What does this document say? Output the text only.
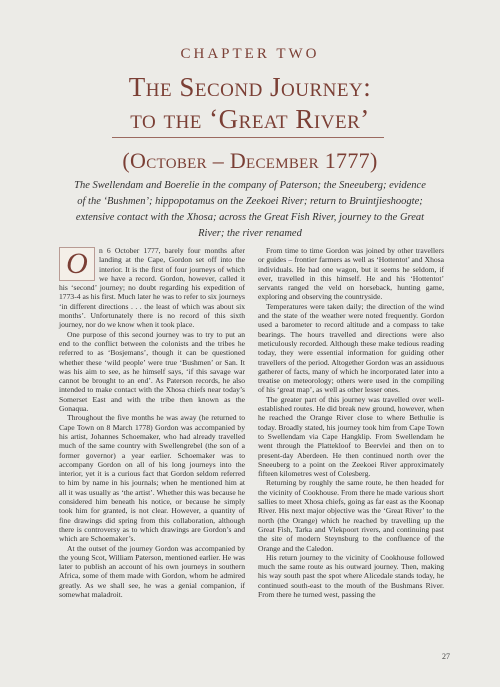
CHAPTER TWO
The Second Journey:
to the ‘Great River’
(October – December 1777)
The Swellendam and Boerelie in the company of Paterson; the Sneeuberg; evidence of the ‘Bushmen’; hippopotamus on the Zeekoei River; return to Bruintjieshoogte; extensive contact with the Xhosa; across the Great Fish River, journey to the Great River; the river renamed

O	n 6 October 1777, barely four months after landing at the Cape, Gordon set off into the interior. It is the first of four journeys of which we have a record. Gordon, however, called it his ‘second’ journey; no doubt regarding his expedition of 1773-4 as his first. Much later he was to refer to six journeys ‘in different directions . . . the least of which was about six months’. Unfortunately there is no record of this sixth journey, nor do we know when it took place.

One purpose of this second journey was to try to put an end to the conflict between the colonists and the tribes he referred to as ‘Bosjemans’, though it can be questioned whether these ‘wild people’ were true ‘Bushmen’ or San. It was his aim to see, as he himself says, ‘if this savage war cannot be brought to an end’. As Paterson records, he also intended to make contact with the Xhosa chiefs near today’s Somerset East and with the tribe then known as the Gonaqua.

Throughout the five months he was away (he returned to Cape Town on 8 March 1778) Gordon was accompanied by his artist, Johannes Schoemaker, who had already travelled much of the same country with Swellengrebel (the son of a former governor) a year earlier. Schoemaker was to accompany Gordon on all of his long journeys into the interior, yet it is a curious fact that Gordon seldom referred to him by name in his journals; when he mentioned him at all it was usually as ‘the artist’. Whether this was because he considered him beneath his notice, or because he simply took him for granted, is not clear. However, a quantity of fine drawings did spring from this collaboration, although there is controversy as to which drawings are Gordon’s and which are Schoemaker’s.

At the outset of the journey Gordon was accompanied by the young Scot, William Paterson, mentioned earlier. He was later to publish an account of his own journeys in southern Africa, some of them made with Gordon, whom he admired greatly. As we shall see, he was a genial companion, if somewhat maladroit.

From time to time Gordon was joined by other travellers or guides – frontier farmers as well as ‘Hottentot’ and Xhosa individuals. He had one wagon, but it seems he seldom, if ever, travelled in this himself. He and his ‘Hottentot’ servants ranged the veld on horseback, hunting game, exploring and observing the countryside.

Temperatures were taken daily; the direction of the wind and the state of the weather were noted frequently. Gordon used a barometer to record altitude and a compass to take bearings. The hours travelled and directions were also meticulously recorded. Although these make tedious reading today, they were essential information for guiding other travellers of the period. Altogether Gordon was an assiduous gatherer of facts, many of which he incorporated later into a treatise on meteorology; others were used in the compiling of his ‘great map’, as well as other lesser ones.

The greater part of this journey was travelled over well-established routes. He did break new ground, however, when he reached the Orange River close to where Bethulie is today. Broadly stated, his journey took him from Cape Town to Swellendam via Cape Hangklip. From Swellendam he went through the Plattekloof to Beervlei and then on to present-day Aberdeen. He then continued north over the Sneeuberg to a point on the Zeekoei River approximately fifteen kilometres west of Colesberg.

Returning by roughly the same route, he then headed for the vicinity of Cookhouse. From there he made various short sallies to meet Xhosa chiefs, going as far east as the Koonap River. His next major objective was the ‘Great River’ to the north (the Orange) which he reached by travelling up the Great Fish, Tarka and Vlekpoort rivers, and continuing past the site of modern Steynsburg to the confluence of the Orange and the Caledon.

His return journey to the vicinity of Cookhouse followed much the same route as his outward journey. Then, making his way south past the spot where Alicedale stands today, he continued south-east to the mouth of the Bushmans River. From there he turned west, passing the

27
